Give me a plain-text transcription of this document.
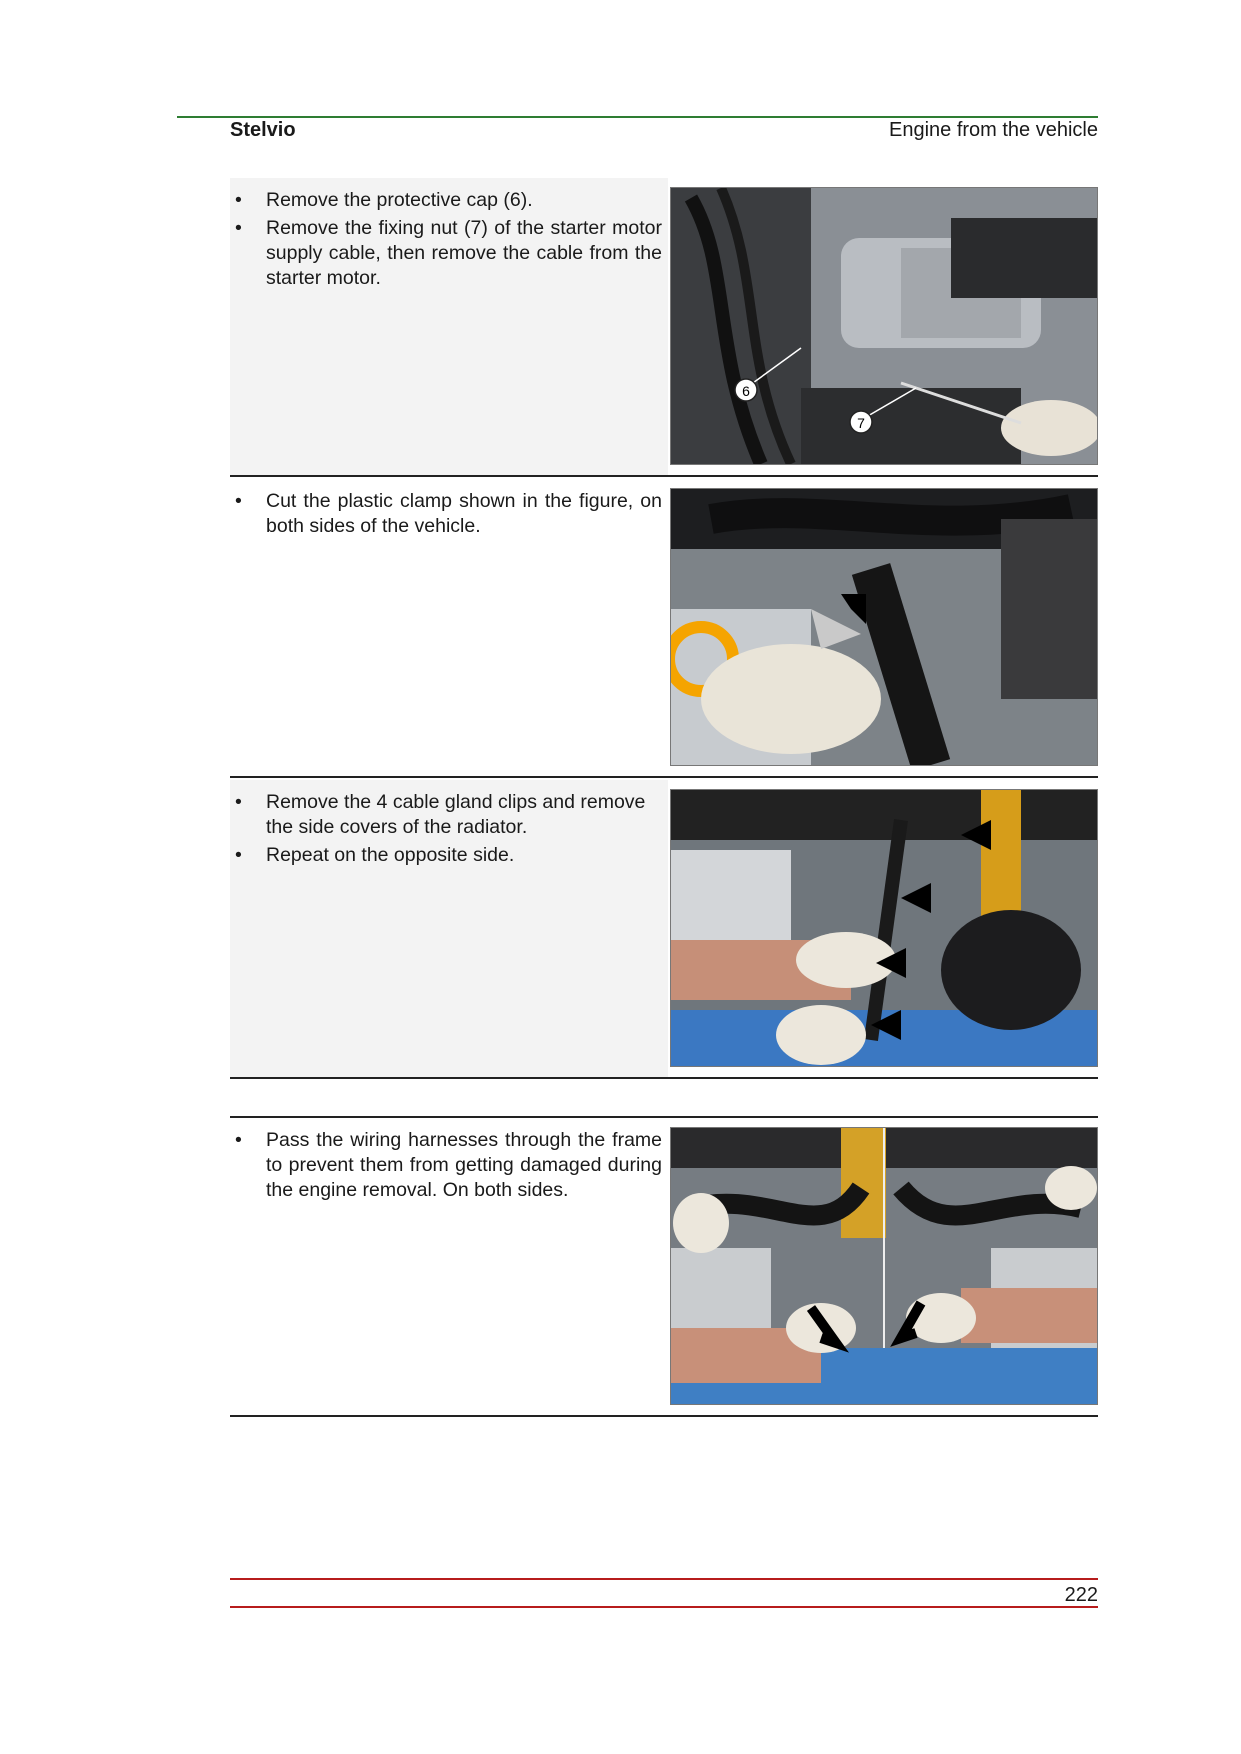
Stelvio	Engine from the vehicle
• Remove the protective cap (6).
• Remove the fixing nut (7) of the starter motor supply cable, then remove the cable from the starter motor.
6
7
• Cut the plastic clamp shown in the figure, on both sides of the vehicle.
• Remove the 4 cable gland clips and remove the side covers of the radiator.
• Repeat on the opposite side.
• Pass the wiring harnesses through the frame to prevent them from getting damaged during the engine removal. On both sides.
222
